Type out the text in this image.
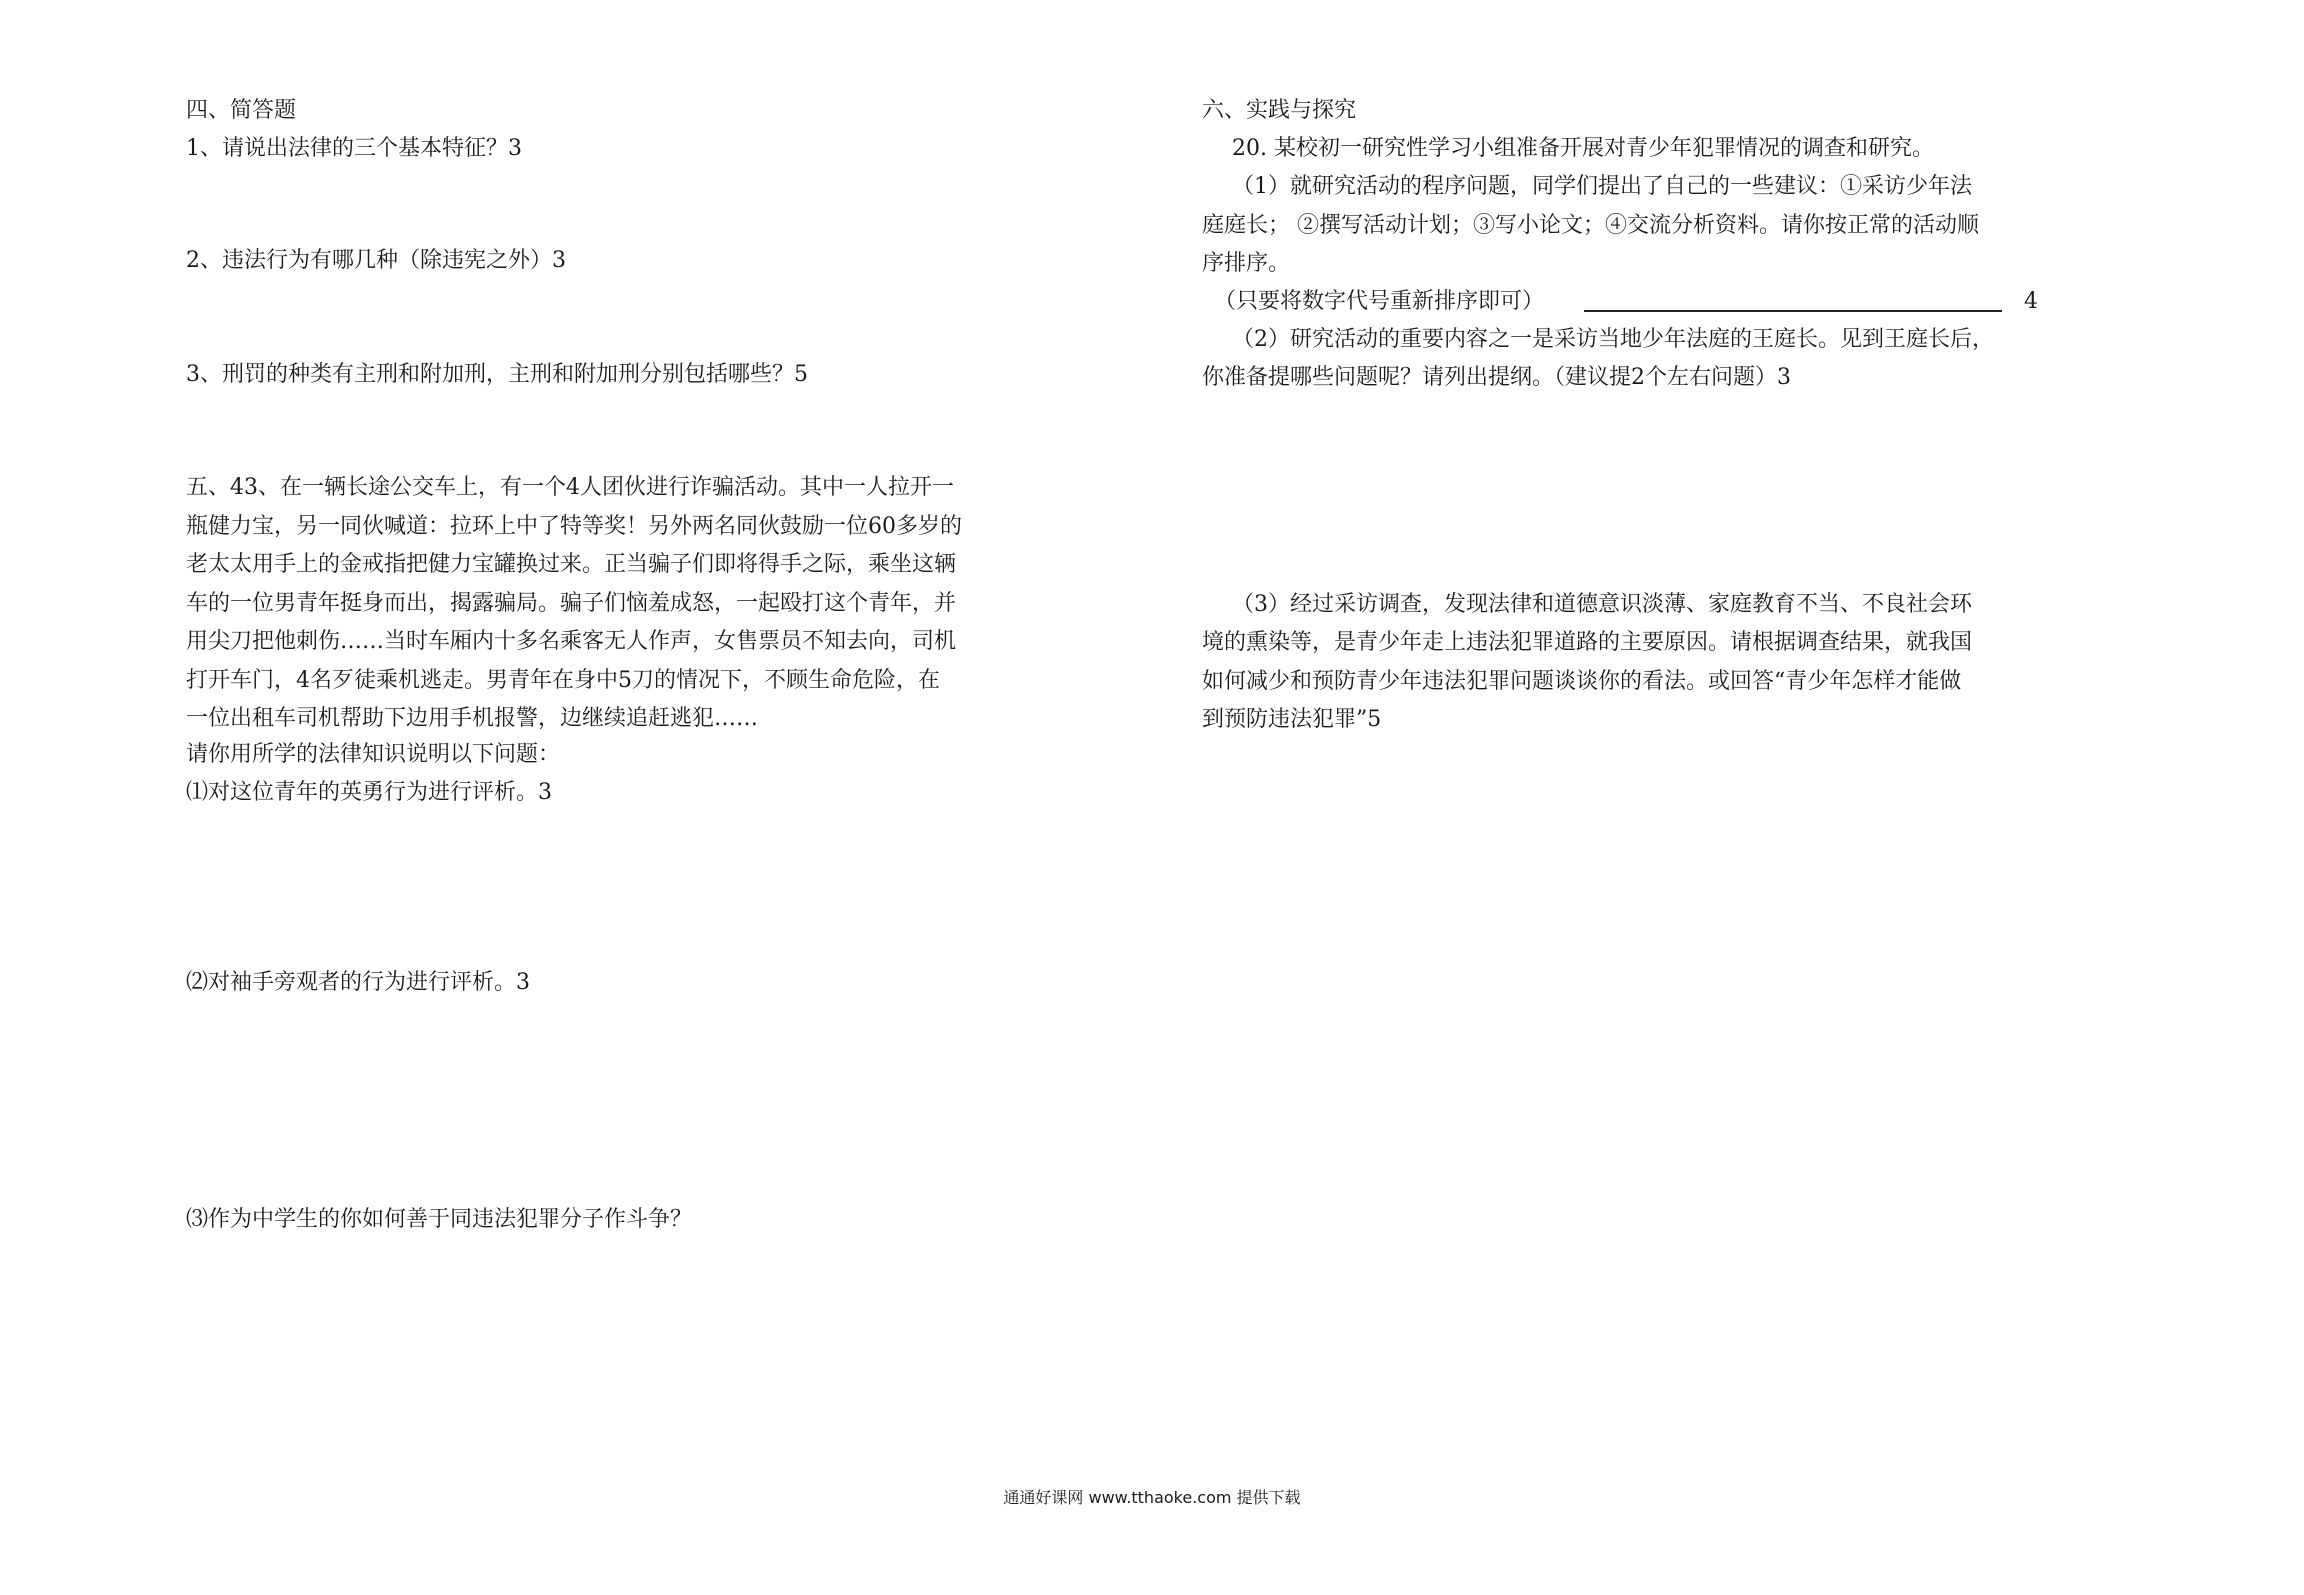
四、简答题
1、请说出法律的三个基本特征？3
2、违法行为有哪几种（除违宪之外）3
3、刑罚的种类有主刑和附加刑，主刑和附加刑分别包括哪些？5
五、43、在一辆长途公交车上，有一个4人团伙进行诈骗活动。其中一人拉开一
瓶健力宝，另一同伙喊道：拉环上中了特等奖！另外两名同伙鼓励一位60多岁的
老太太用手上的金戒指把健力宝罐换过来。正当骗子们即将得手之际，乘坐这辆
车的一位男青年挺身而出，揭露骗局。骗子们恼羞成怒，一起殴打这个青年，并
用尖刀把他刺伤……当时车厢内十多名乘客无人作声，女售票员不知去向，司机
打开车门，4名歹徒乘机逃走。男青年在身中5刀的情况下，不顾生命危险，在
一位出租车司机帮助下边用手机报警，边继续追赶逃犯……
请你用所学的法律知识说明以下问题：
⑴对这位青年的英勇行为进行评析。3
⑵对袖手旁观者的行为进行评析。3
⑶作为中学生的你如何善于同违法犯罪分子作斗争？
六、实践与探究
20. 某校初一研究性学习小组准备开展对青少年犯罪情况的调查和研究。
（1）就研究活动的程序问题，同学们提出了自己的一些建议：①采访少年法
庭庭长； ②撰写活动计划；③写小论文；④交流分析资料。请你按正常的活动顺
序排序。
（只要将数字代号重新排序即可）	4
（2）研究活动的重要内容之一是采访当地少年法庭的王庭长。见到王庭长后，
你准备提哪些问题呢？请列出提纲。（建议提2个左右问题）3
（3）经过采访调查，发现法律和道德意识淡薄、家庭教育不当、不良社会环
境的熏染等，是青少年走上违法犯罪道路的主要原因。请根据调查结果，就我国
如何减少和预防青少年违法犯罪问题谈谈你的看法。或回答“青少年怎样才能做
到预防违法犯罪”5
通通好课网 www.tthaoke.com 提供下载
